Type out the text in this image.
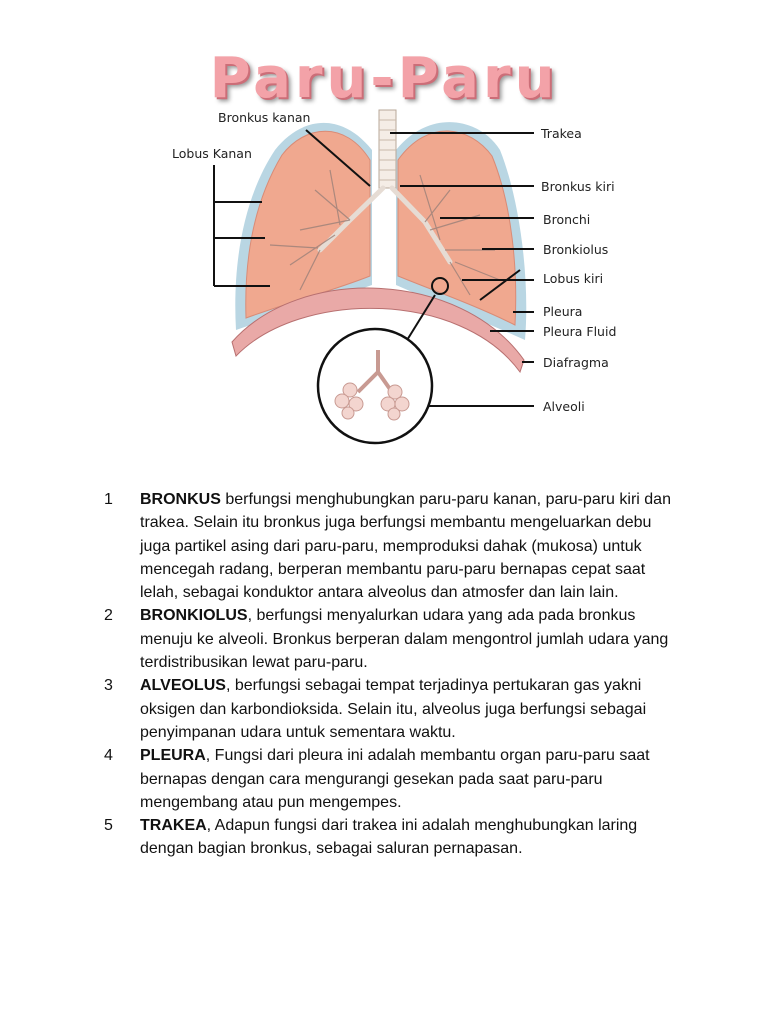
Paru-Paru
Bronkus kanan
Lobus Kanan
Trakea
Bronkus kiri
Bronchi
Bronkiolus
Lobus kiri
Pleura
Pleura Fluid
Diafragma
Alveoli
1	BRONKUS berfungsi menghubungkan paru-paru kanan, paru-paru kiri dan trakea. Selain itu bronkus juga berfungsi membantu mengeluarkan debu juga partikel asing dari paru-paru, memproduksi dahak (mukosa) untuk mencegah radang, berperan membantu paru-paru bernapas cepat saat lelah, sebagai konduktor antara alveolus dan atmosfer dan lain lain.
2	BRONKIOLUS, berfungsi menyalurkan udara yang ada pada bronkus menuju ke alveoli. Bronkus berperan dalam mengontrol jumlah udara yang terdistribusikan lewat paru-paru.
3	ALVEOLUS, berfungsi sebagai tempat terjadinya pertukaran gas yakni oksigen dan karbondioksida. Selain itu, alveolus juga berfungsi sebagai penyimpanan udara untuk sementara waktu.
4	PLEURA, Fungsi dari pleura ini adalah membantu organ paru-paru saat bernapas dengan cara mengurangi gesekan pada saat paru-paru mengembang atau pun mengempes.
5	TRAKEA, Adapun fungsi dari trakea ini adalah menghubungkan laring dengan bagian bronkus, sebagai saluran pernapasan.
